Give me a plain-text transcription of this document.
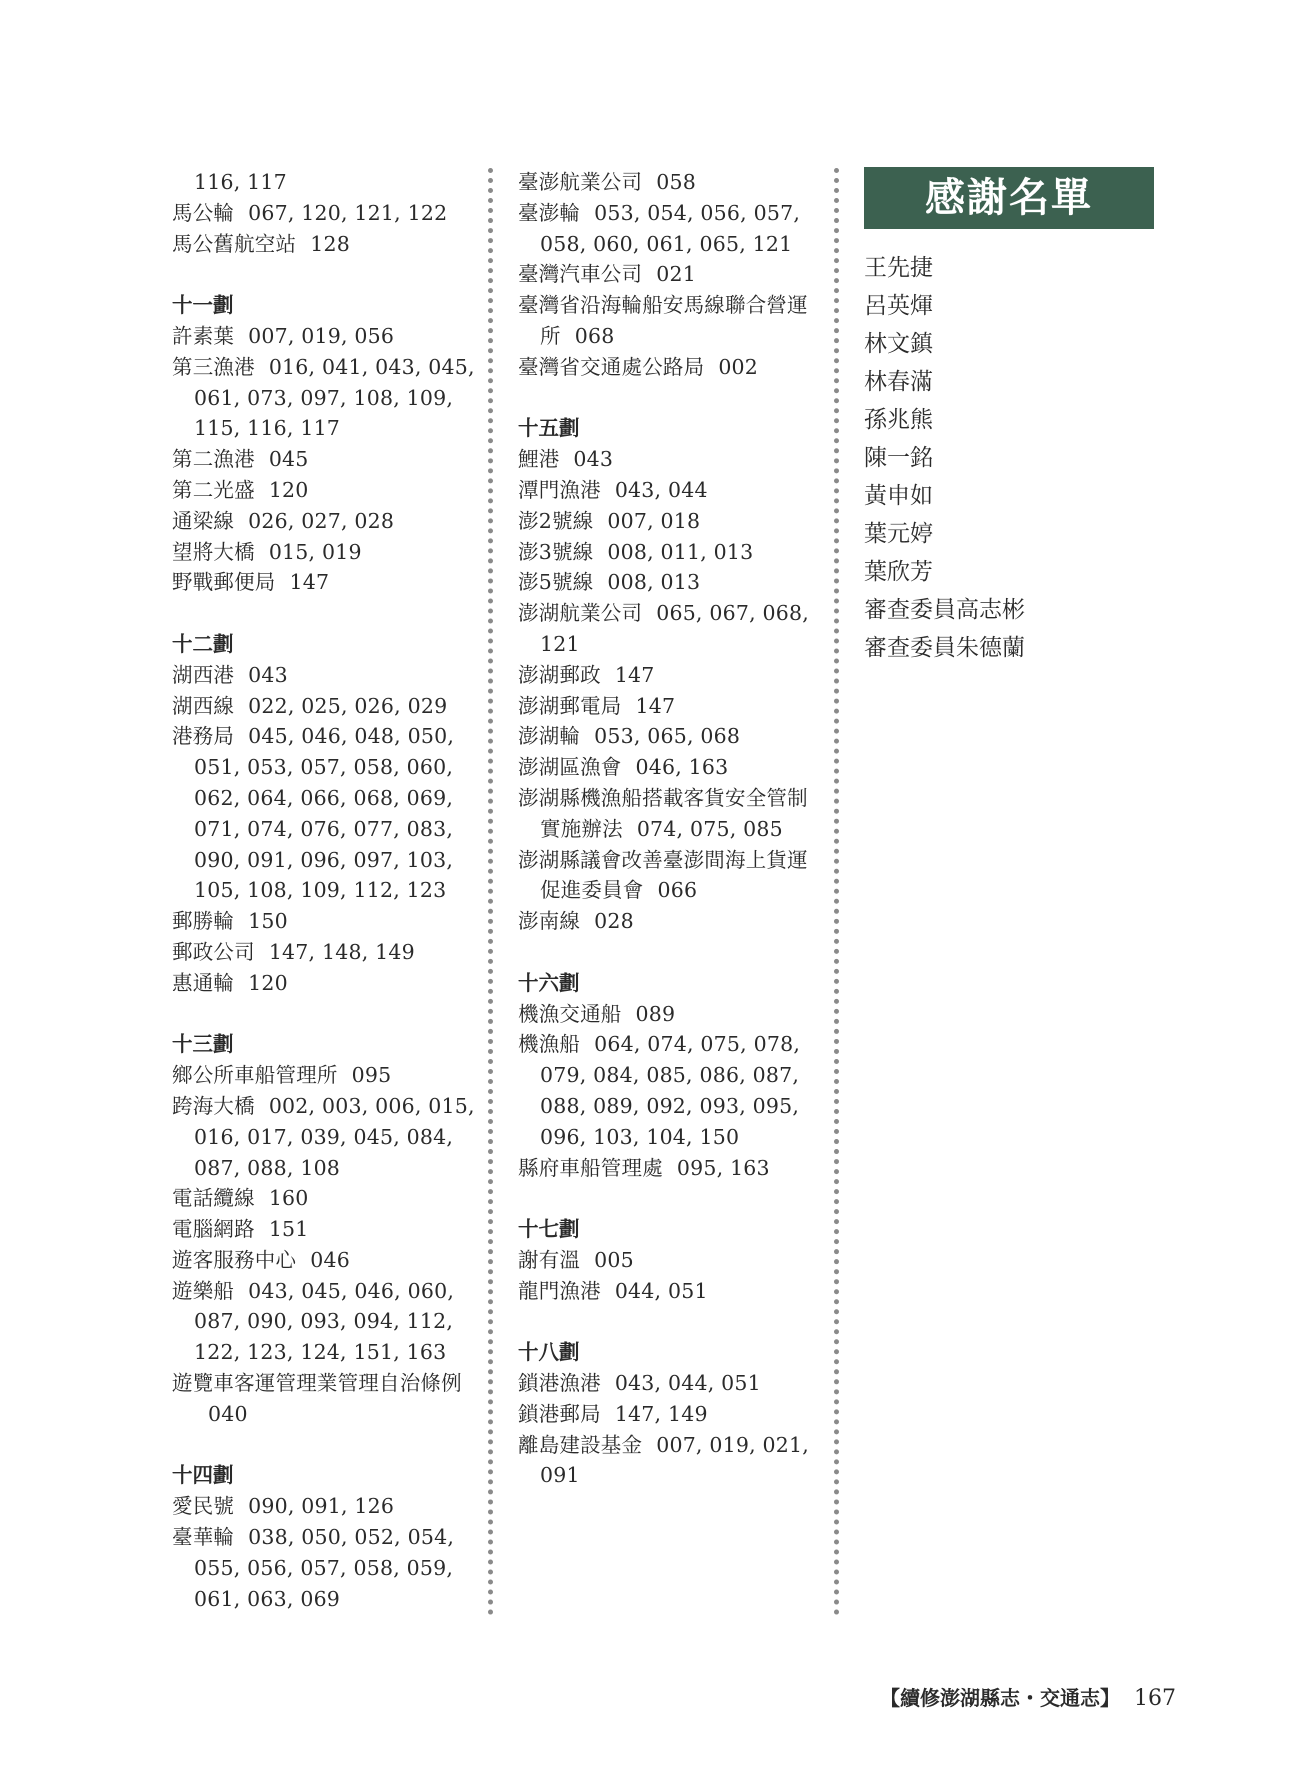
116, 117
馬公輪 067, 120, 121, 122
馬公舊航空站 128
十一劃
許素葉 007, 019, 056
第三漁港 016, 041, 043, 045, 061, 073, 097, 108, 109, 115, 116, 117
第二漁港 045
第二光盛 120
通梁線 026, 027, 028
望將大橋 015, 019
野戰郵便局 147
十二劃
湖西港 043
湖西線 022, 025, 026, 029
港務局 045, 046, 048, 050, 051, 053, 057, 058, 060, 062, 064, 066, 068, 069, 071, 074, 076, 077, 083, 090, 091, 096, 097, 103, 105, 108, 109, 112, 123
郵勝輪 150
郵政公司 147, 148, 149
惠通輪 120
十三劃
鄉公所車船管理所 095
跨海大橋 002, 003, 006, 015, 016, 017, 039, 045, 084, 087, 088, 108
電話纜線 160
電腦網路 151
遊客服務中心 046
遊樂船 043, 045, 046, 060, 087, 090, 093, 094, 112, 122, 123, 124, 151, 163
遊覽車客運管理業管理自治條例040
十四劃
愛民號 090, 091, 126
臺華輪 038, 050, 052, 054, 055, 056, 057, 058, 059, 061, 063, 069
臺澎航業公司 058
臺澎輪 053, 054, 056, 057, 058, 060, 061, 065, 121
臺灣汽車公司 021
臺灣省沿海輪船安馬線聯合營運所 068
臺灣省交通處公路局 002
十五劃
鯉港 043
潭門漁港 043, 044
澎2號線 007, 018
澎3號線 008, 011, 013
澎5號線 008, 013
澎湖航業公司 065, 067, 068, 121
澎湖郵政 147
澎湖郵電局 147
澎湖輪 053, 065, 068
澎湖區漁會 046, 163
澎湖縣機漁船搭載客貨安全管制實施辦法 074, 075, 085
澎湖縣議會改善臺澎間海上貨運促進委員會 066
澎南線 028
十六劃
機漁交通船 089
機漁船 064, 074, 075, 078, 079, 084, 085, 086, 087, 088, 089, 092, 093, 095, 096, 103, 104, 150
縣府車船管理處 095, 163
十七劃
謝有溫 005
龍門漁港 044, 051
十八劃
鎖港漁港 043, 044, 051
鎖港郵局 147, 149
離島建設基金 007, 019, 021, 091
感謝名單
王先捷
呂英煇
林文鎮
林春滿
孫兆熊
陳一銘
黃申如
葉元婷
葉欣芳
審查委員高志彬
審查委員朱德蘭
【續修澎湖縣志・交通志】 167
